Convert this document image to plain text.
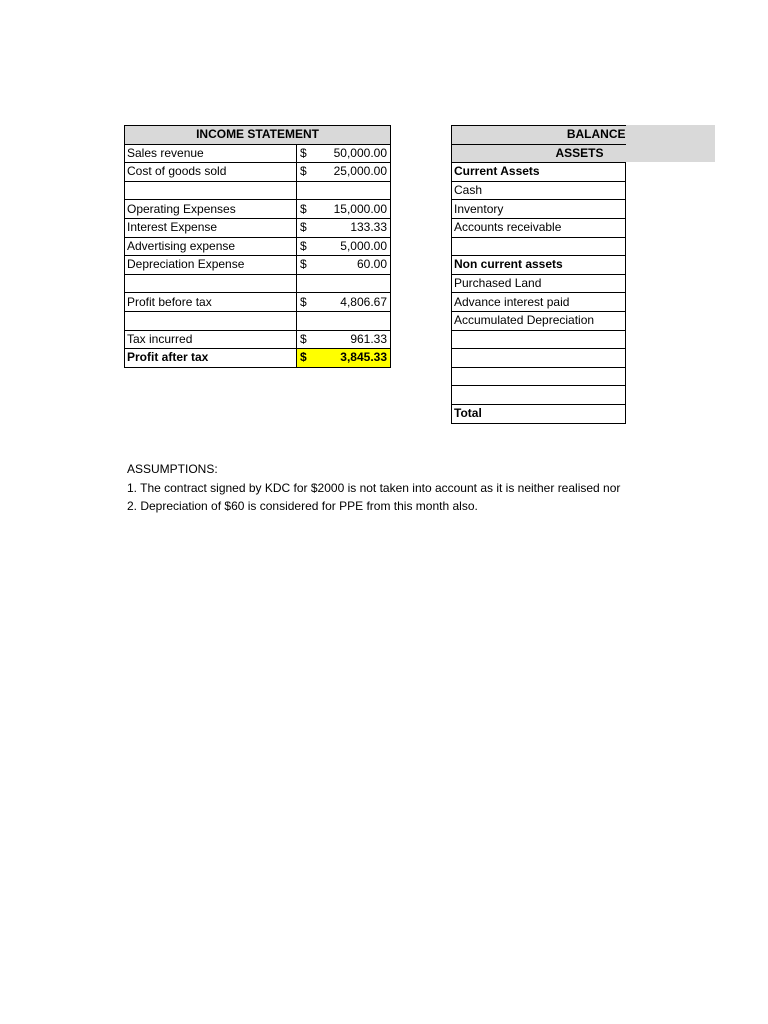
INCOME STATEMENT		
Sales revenue	$	50,000.00
Cost of goods sold	$	25,000.00

Operating Expenses	$	15,000.00
Interest Expense	$	133.33
Advertising expense	$	5,000.00
Depreciation Expense	$	60.00

Profit before tax	$	4,806.67

Tax incurred	$	961.33
Profit after tax	$	3,845.33
BALANCE
ASSETS
Current Assets
Cash
Inventory
Accounts receivable

Non current assets
Purchased Land
Advance interest paid
Accumulated Depreciation

Total
ASSUMPTIONS:
1. The contract signed by KDC for $2000 is not taken into account as it is neither realised nor
2. Depreciation of $60 is considered for PPE from this month also.
